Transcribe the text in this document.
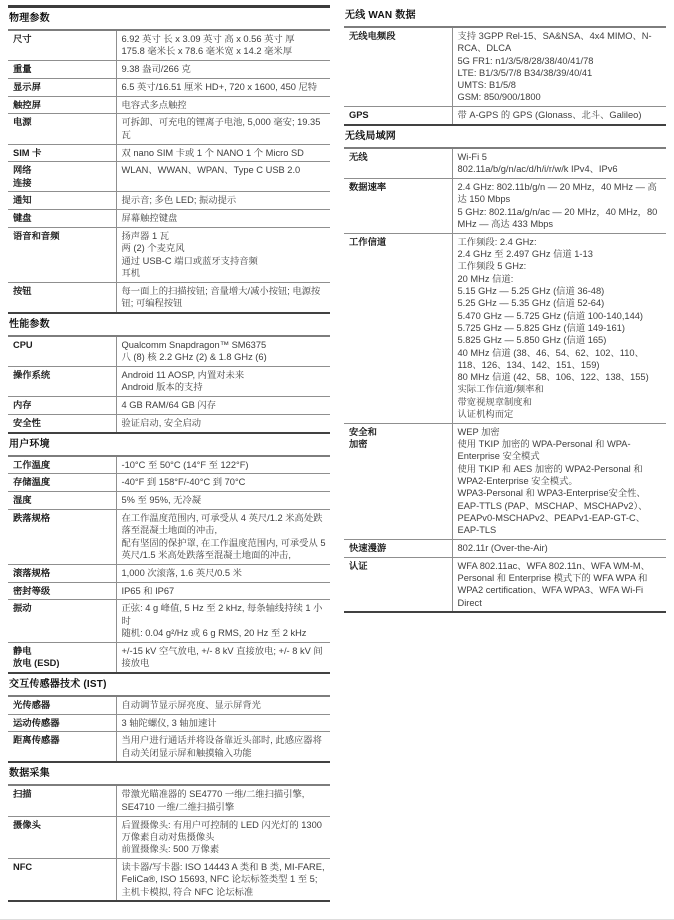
物理参数
尺寸	6.92 英寸 长 x 3.09 英寸 高 x 0.56 英寸 厚
175.8 毫米长 x 78.6 毫米宽 x 14.2 毫米厚
重量	9.38 盎司/266 克
显示屏	6.5 英寸/16.51 厘米 HD+, 720 x 1600, 450 尼特
触控屏	电容式多点触控
电源	可拆卸、可充电的锂离子电池, 5,000 毫安; 19.35 瓦
SIM 卡	双 nano SIM 卡或 1 个 NANO 1 个 Micro SD
网络
连接	WLAN、WWAN、WPAN、Type C USB 2.0
通知	提示音; 多色 LED; 振动提示
键盘	屏幕触控键盘
语音和音频	扬声器 1 瓦
两 (2) 个麦克风
通过 USB-C 端口或蓝牙支持音频
耳机
按钮	每一面上的扫描按钮; 音量增大/减小按钮; 电源按钮; 可编程按钮
性能参数
CPU	Qualcomm Snapdragon™ SM6375
八 (8) 核 2.2 GHz (2) & 1.8 GHz (6)
操作系统	Android 11 AOSP, 内置对未来
Android 版本的支持
内存	4 GB RAM/64 GB 闪存
安全性	验证启动, 安全启动
用户环境
工作温度	-10°C 至 50°C (14°F 至 122°F)
存储温度	-40°F 到 158°F/-40°C 到 70°C
湿度	5% 至 95%, 无冷凝
跌落规格	在工作温度范围内, 可承受从 4 英尺/1.2 米高处跌落至混凝土地面的冲击,
配有坚固的保护罩, 在工作温度范围内, 可承受从 5 英尺/1.5 米高处跌落至混凝土地面的冲击,
滚落规格	1,000 次滚落, 1.6 英尺/0.5 米
密封等级	IP65 和 IP67
振动	正弦: 4 g 峰值, 5 Hz 至 2 kHz, 每条轴线持续 1 小时
随机: 0.04 g²/Hz 或 6 g RMS, 20 Hz 至 2 kHz
静电
放电 (ESD)	+/-15 kV 空气放电, +/- 8 kV 直接放电; +/- 8 kV 间接放电
交互传感器技术 (IST)
光传感器	自动调节显示屏亮度、显示屏背光
运动传感器	3 轴陀螺仪, 3 轴加速计
距离传感器	当用户进行通话并将设备靠近头部时, 此感应器将自动关闭显示屏和触摸输入功能
数据采集
扫描	带激光瞄准器的 SE4770 一维/二维扫描引擎,
SE4710 一维/二维扫描引擎
摄像头	后置摄像头: 有用户可控制的 LED 闪光灯的 1300 万像素自动对焦摄像头
前置摄像头: 500 万像素
NFC	读卡器/写卡器: ISO 14443 A 类和 B 类, MI-FARE,
FeliCa®, ISO 15693, NFC 论坛标签类型 1 至 5;
主机卡模拟, 符合 NFC 论坛标准
无线 WAN 数据
无线电频段	支持 3GPP Rel-15、SA&NSA、4x4 MIMO、N-RCA、DLCA
5G FR1: n1/3/5/8/28/38/40/41/78
LTE: B1/3/5/7/8 B34/38/39/40/41
UMTS: B1/5/8
GSM: 850/900/1800
GPS	带 A-GPS 的 GPS (Glonass、北斗、Galileo)
无线局域网
无线	Wi-Fi 5
802.11a/b/g/n/ac/d/h/i/r/w/k IPv4、IPv6
数据速率	2.4 GHz: 802.11b/g/n — 20 MHz，40 MHz — 高达 150 Mbps
5 GHz: 802.11a/g/n/ac — 20 MHz，40 MHz，80 MHz — 高达 433 Mbps
工作信道	工作频段: 2.4 GHz:
2.4 GHz 至 2.497 GHz 信道 1-13
工作频段 5 GHz:
20 MHz 信道:
5.15 GHz — 5.25 GHz (信道 36-48)
5.25 GHz — 5.35 GHz (信道 52-64)
5.470 GHz — 5.725 GHz (信道 100-140,144)
5.725 GHz — 5.825 GHz (信道 149-161)
5.825 GHz — 5.850 GHz (信道 165)
40 MHz 信道 (38、46、54、62、102、110、118、126、134、142、151、159)
80 MHz 信道 (42、58、106、122、138、155)
实际工作信道/频率和
带宽视规章制度和
认证机构而定
安全和
加密	WEP 加密
使用 TKIP 加密的 WPA-Personal 和 WPA-Enterprise 安全模式
使用 TKIP 和 AES 加密的 WPA2-Personal 和 WPA2-Enterprise 安全模式。
WPA3-Personal 和 WPA3-Enterprise安全性、EAP-TTLS (PAP、MSCHAP、MSCHAPv2）、PEAPv0-MSCHAPv2、PEAPv1-EAP-GT-C、EAP-TLS
快速漫游	802.11r (Over-the-Air)
认证	WFA 802.11ac、WFA 802.11n、WFA WM-M、Personal 和 Enterprise 模式下的 WFA WPA 和 WPA2 certification、WFA WPA3、WFA Wi-Fi Direct
